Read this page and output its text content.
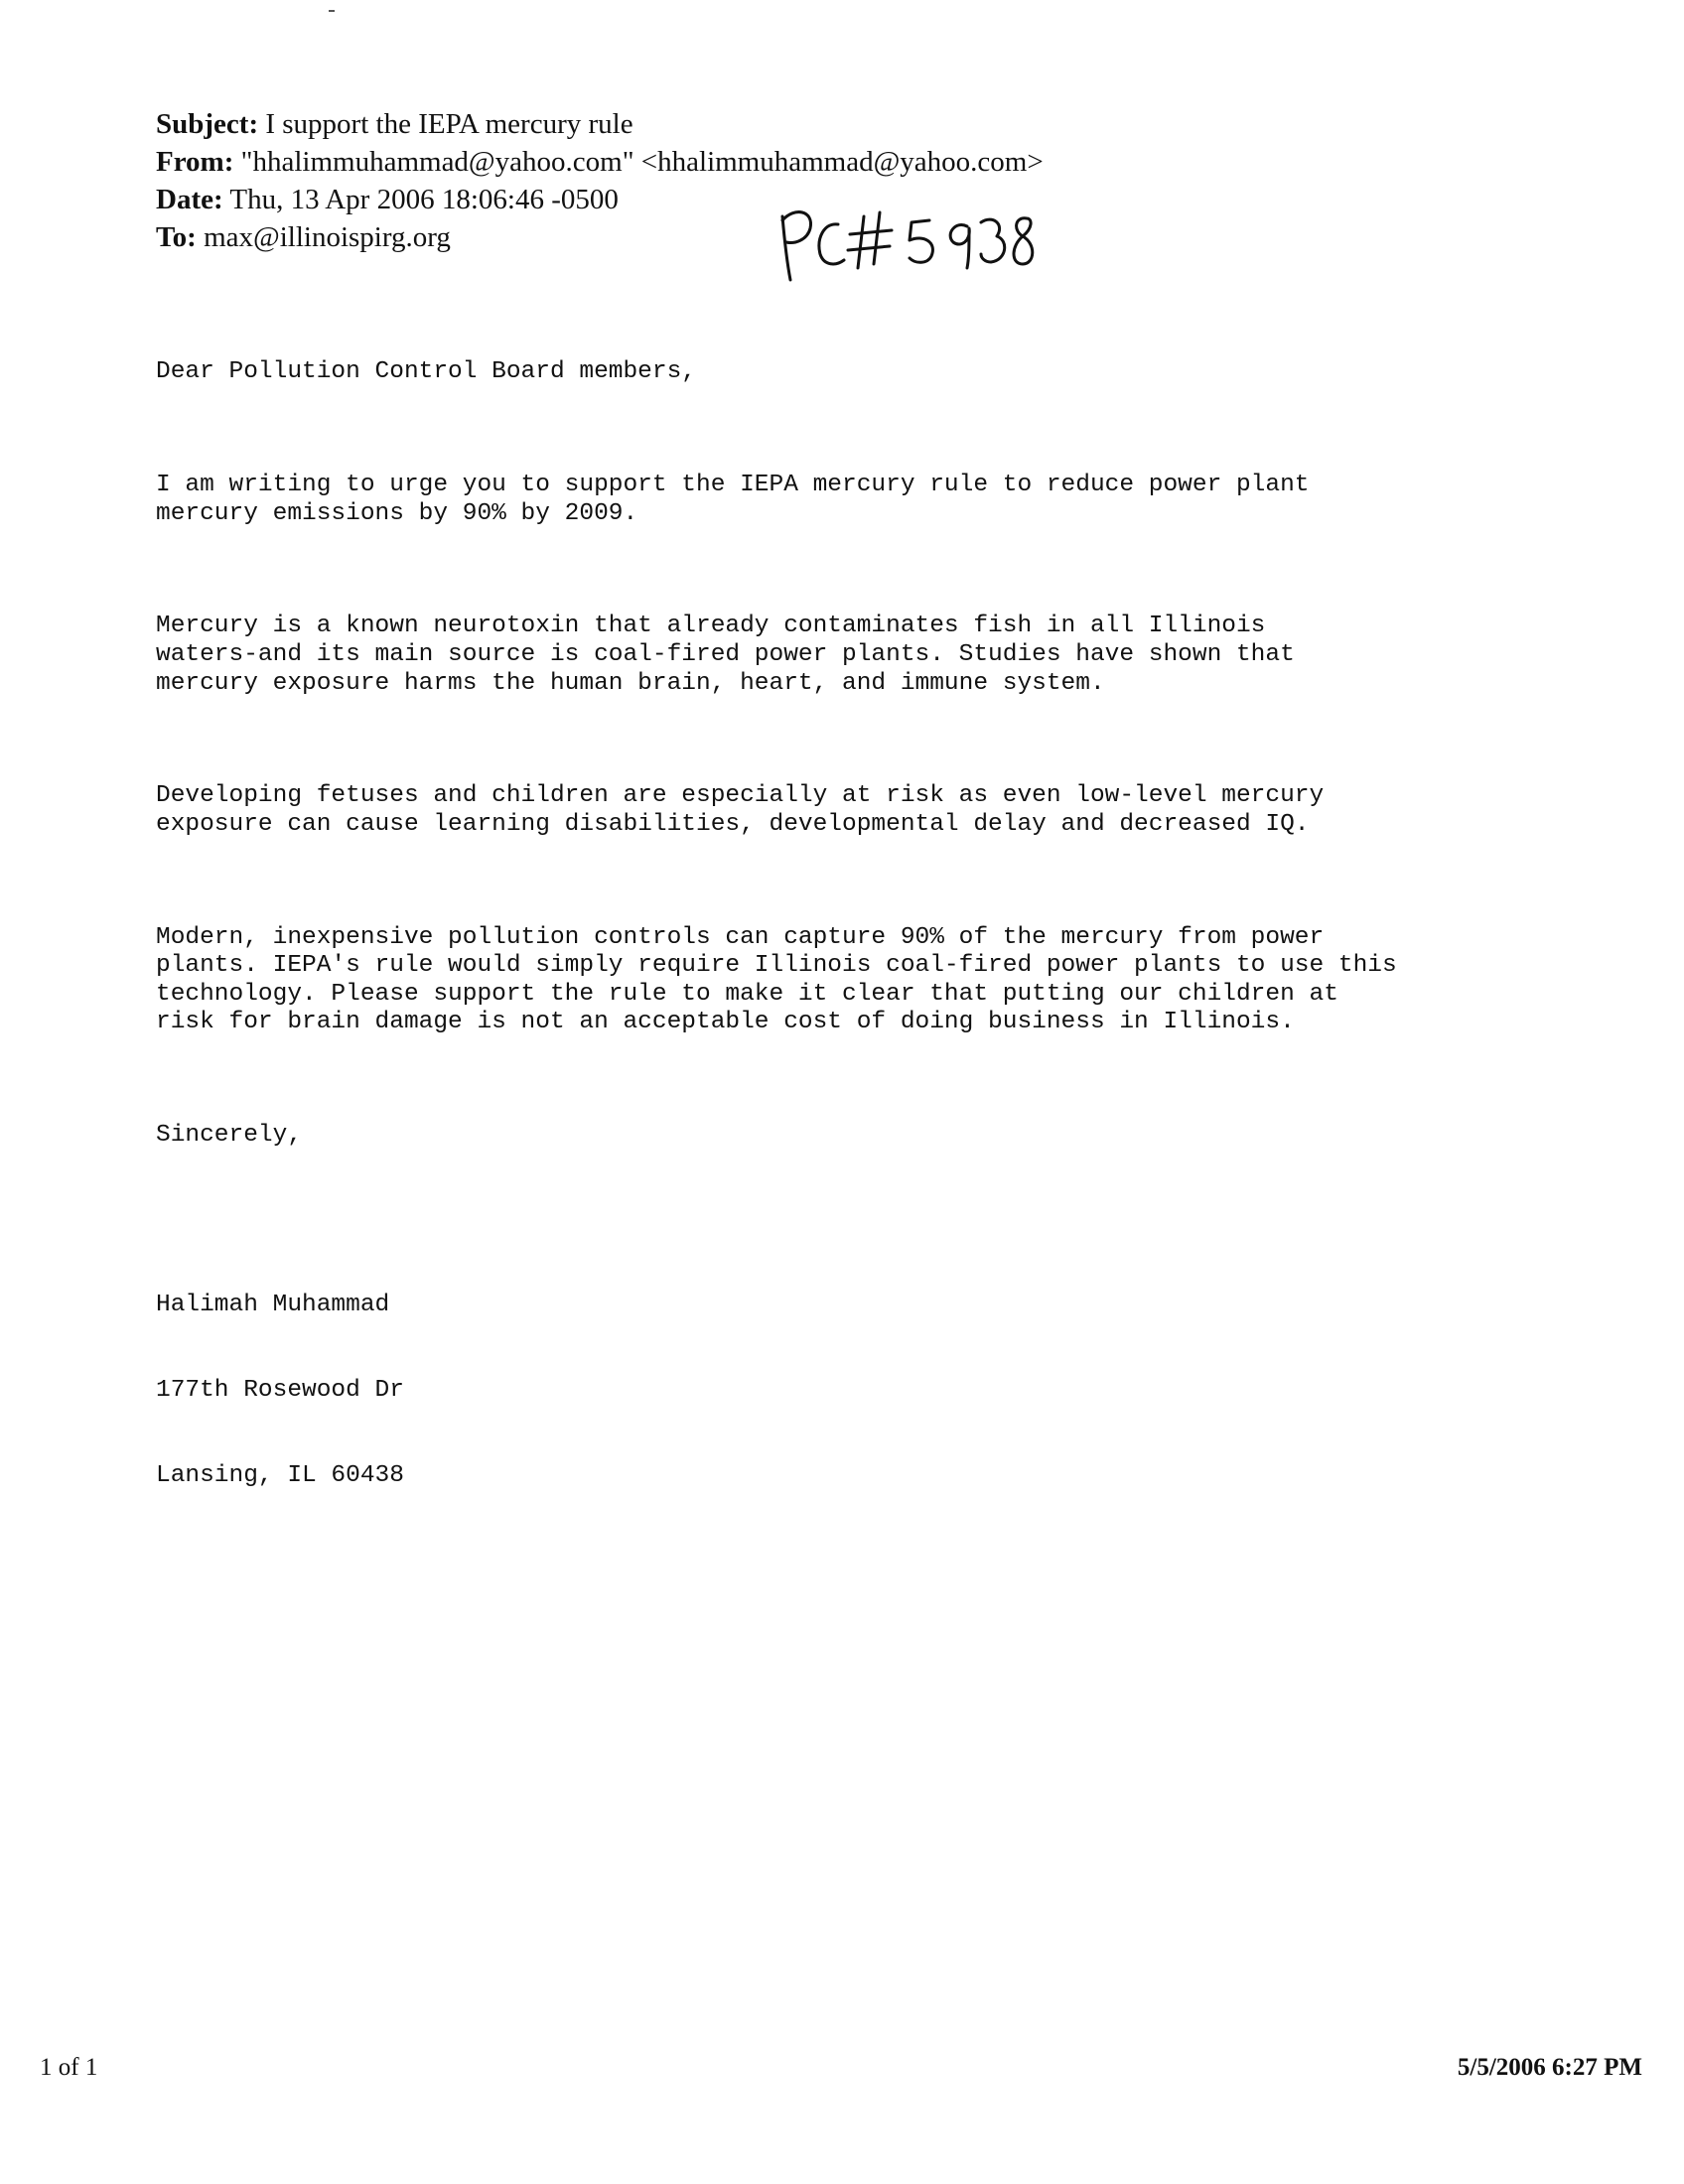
Subject: I support the IEPA mercury rule
From: "hhalimmuhammad@yahoo.com" <hhalimmuhammad@yahoo.com>
Date: Thu, 13 Apr 2006 18:06:46 -0500
To: max@illinoispirg.org

Dear Pollution Control Board members,

I am writing to urge you to support the IEPA mercury rule to reduce power plant
mercury emissions by 90% by 2009.

Mercury is a known neurotoxin that already contaminates fish in all Illinois
waters-and its main source is coal-fired power plants. Studies have shown that
mercury exposure harms the human brain, heart, and immune system.

Developing fetuses and children are especially at risk as even low-level mercury
exposure can cause learning disabilities, developmental delay and decreased IQ.

Modern, inexpensive pollution controls can capture 90% of the mercury from power
plants. IEPA's rule would simply require Illinois coal-fired power plants to use this
technology. Please support the rule to make it clear that putting our children at
risk for brain damage is not an acceptable cost of doing business in Illinois.

Sincerely,

Halimah Muhammad

177th Rosewood Dr

Lansing, IL 60438

1 of 1	5/5/2006 6:27 PM
